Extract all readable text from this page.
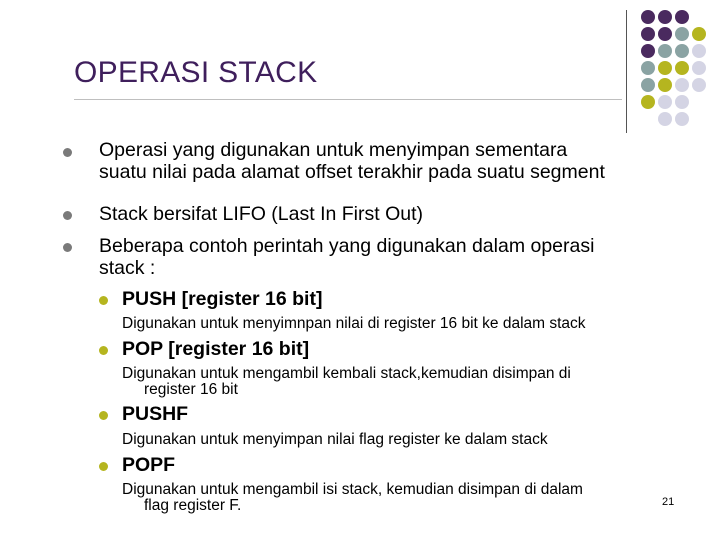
OPERASI STACK
Operasi yang digunakan untuk menyimpan sementara
suatu nilai pada alamat offset terakhir pada suatu segment
Stack bersifat LIFO (Last In First Out)
Beberapa contoh perintah yang digunakan dalam operasi
stack :
PUSH [register 16 bit]
Digunakan untuk menyimnpan nilai di register 16 bit ke dalam stack
POP [register 16 bit]
Digunakan untuk mengambil kembali stack,kemudian disimpan di
register 16 bit
PUSHF
Digunakan untuk menyimpan nilai flag register ke dalam stack
POPF
Digunakan untuk mengambil isi stack, kemudian disimpan di dalam
flag register F.	21
